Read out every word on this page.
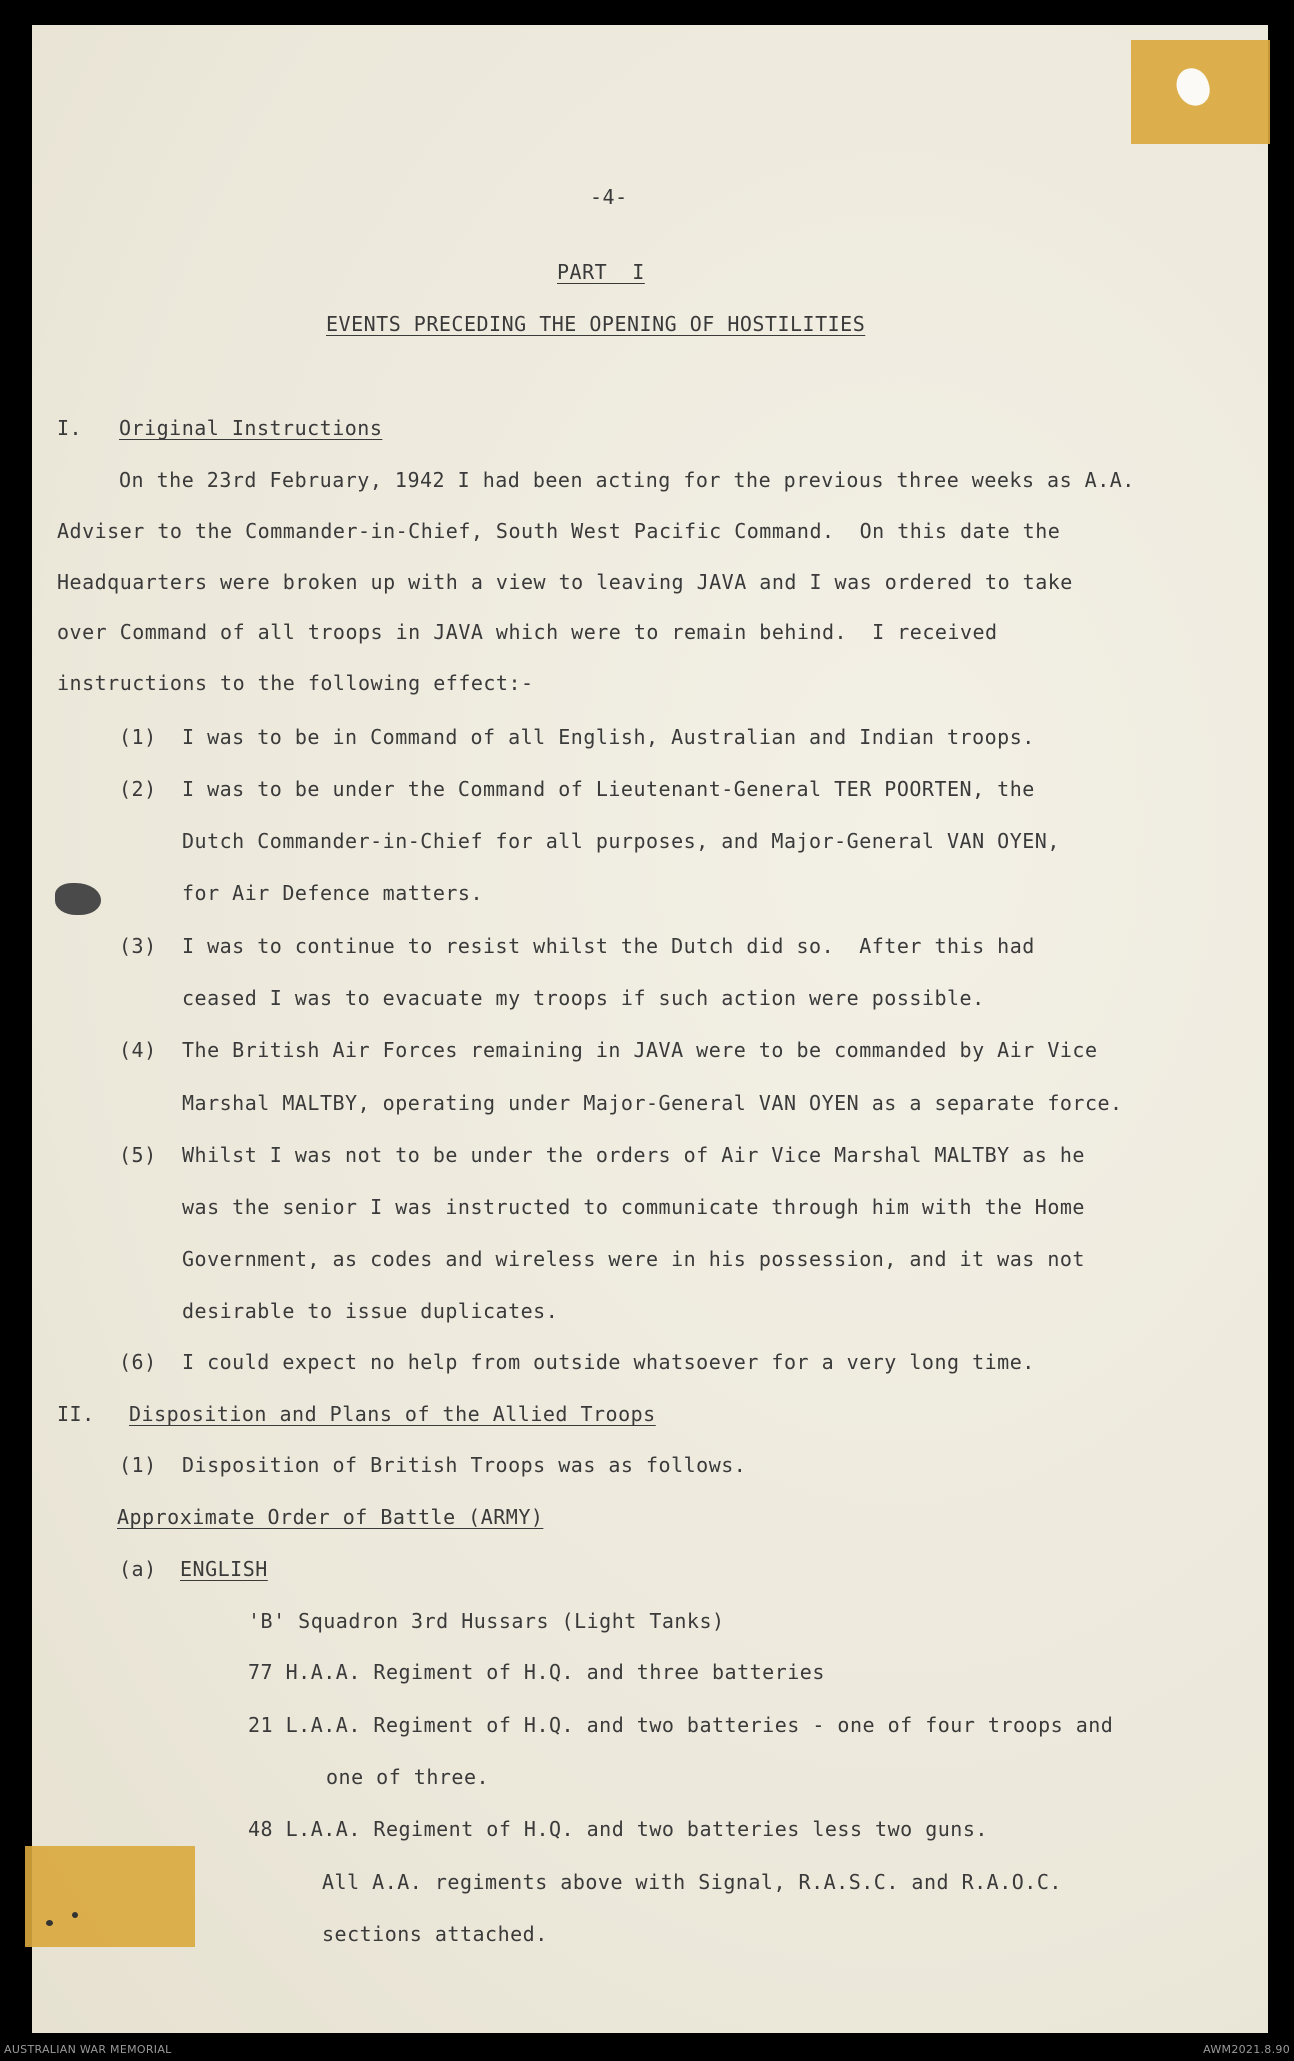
-4-
PART  I
EVENTS PRECEDING THE OPENING OF HOSTILITIES
I. Original Instructions
On the 23rd February, 1942 I had been acting for the previous three weeks as A.A.
Adviser to the Commander-in-Chief, South West Pacific Command.  On this date the
Headquarters were broken up with a view to leaving JAVA and I was ordered to take
over Command of all troops in JAVA which were to remain behind.  I received
instructions to the following effect:-
(1) I was to be in Command of all English, Australian and Indian troops.
(2) I was to be under the Command of Lieutenant-General TER POORTEN, the
Dutch Commander-in-Chief for all purposes, and Major-General VAN OYEN,
for Air Defence matters.
(3) I was to continue to resist whilst the Dutch did so.  After this had
ceased I was to evacuate my troops if such action were possible.
(4) The British Air Forces remaining in JAVA were to be commanded by Air Vice
Marshal MALTBY, operating under Major-General VAN OYEN as a separate force.
(5) Whilst I was not to be under the orders of Air Vice Marshal MALTBY as he
was the senior I was instructed to communicate through him with the Home
Government, as codes and wireless were in his possession, and it was not
desirable to issue duplicates.
(6) I could expect no help from outside whatsoever for a very long time.
II. Disposition and Plans of the Allied Troops
(1) Disposition of British Troops was as follows.
Approximate Order of Battle (ARMY)
(a) ENGLISH
'B' Squadron 3rd Hussars (Light Tanks)
77 H.A.A. Regiment of H.Q. and three batteries
21 L.A.A. Regiment of H.Q. and two batteries - one of four troops and
one of three.
48 L.A.A. Regiment of H.Q. and two batteries less two guns.
All A.A. regiments above with Signal, R.A.S.C. and R.A.O.C.
sections attached.
AUSTRALIAN WAR MEMORIAL	AWM2021.8.90
